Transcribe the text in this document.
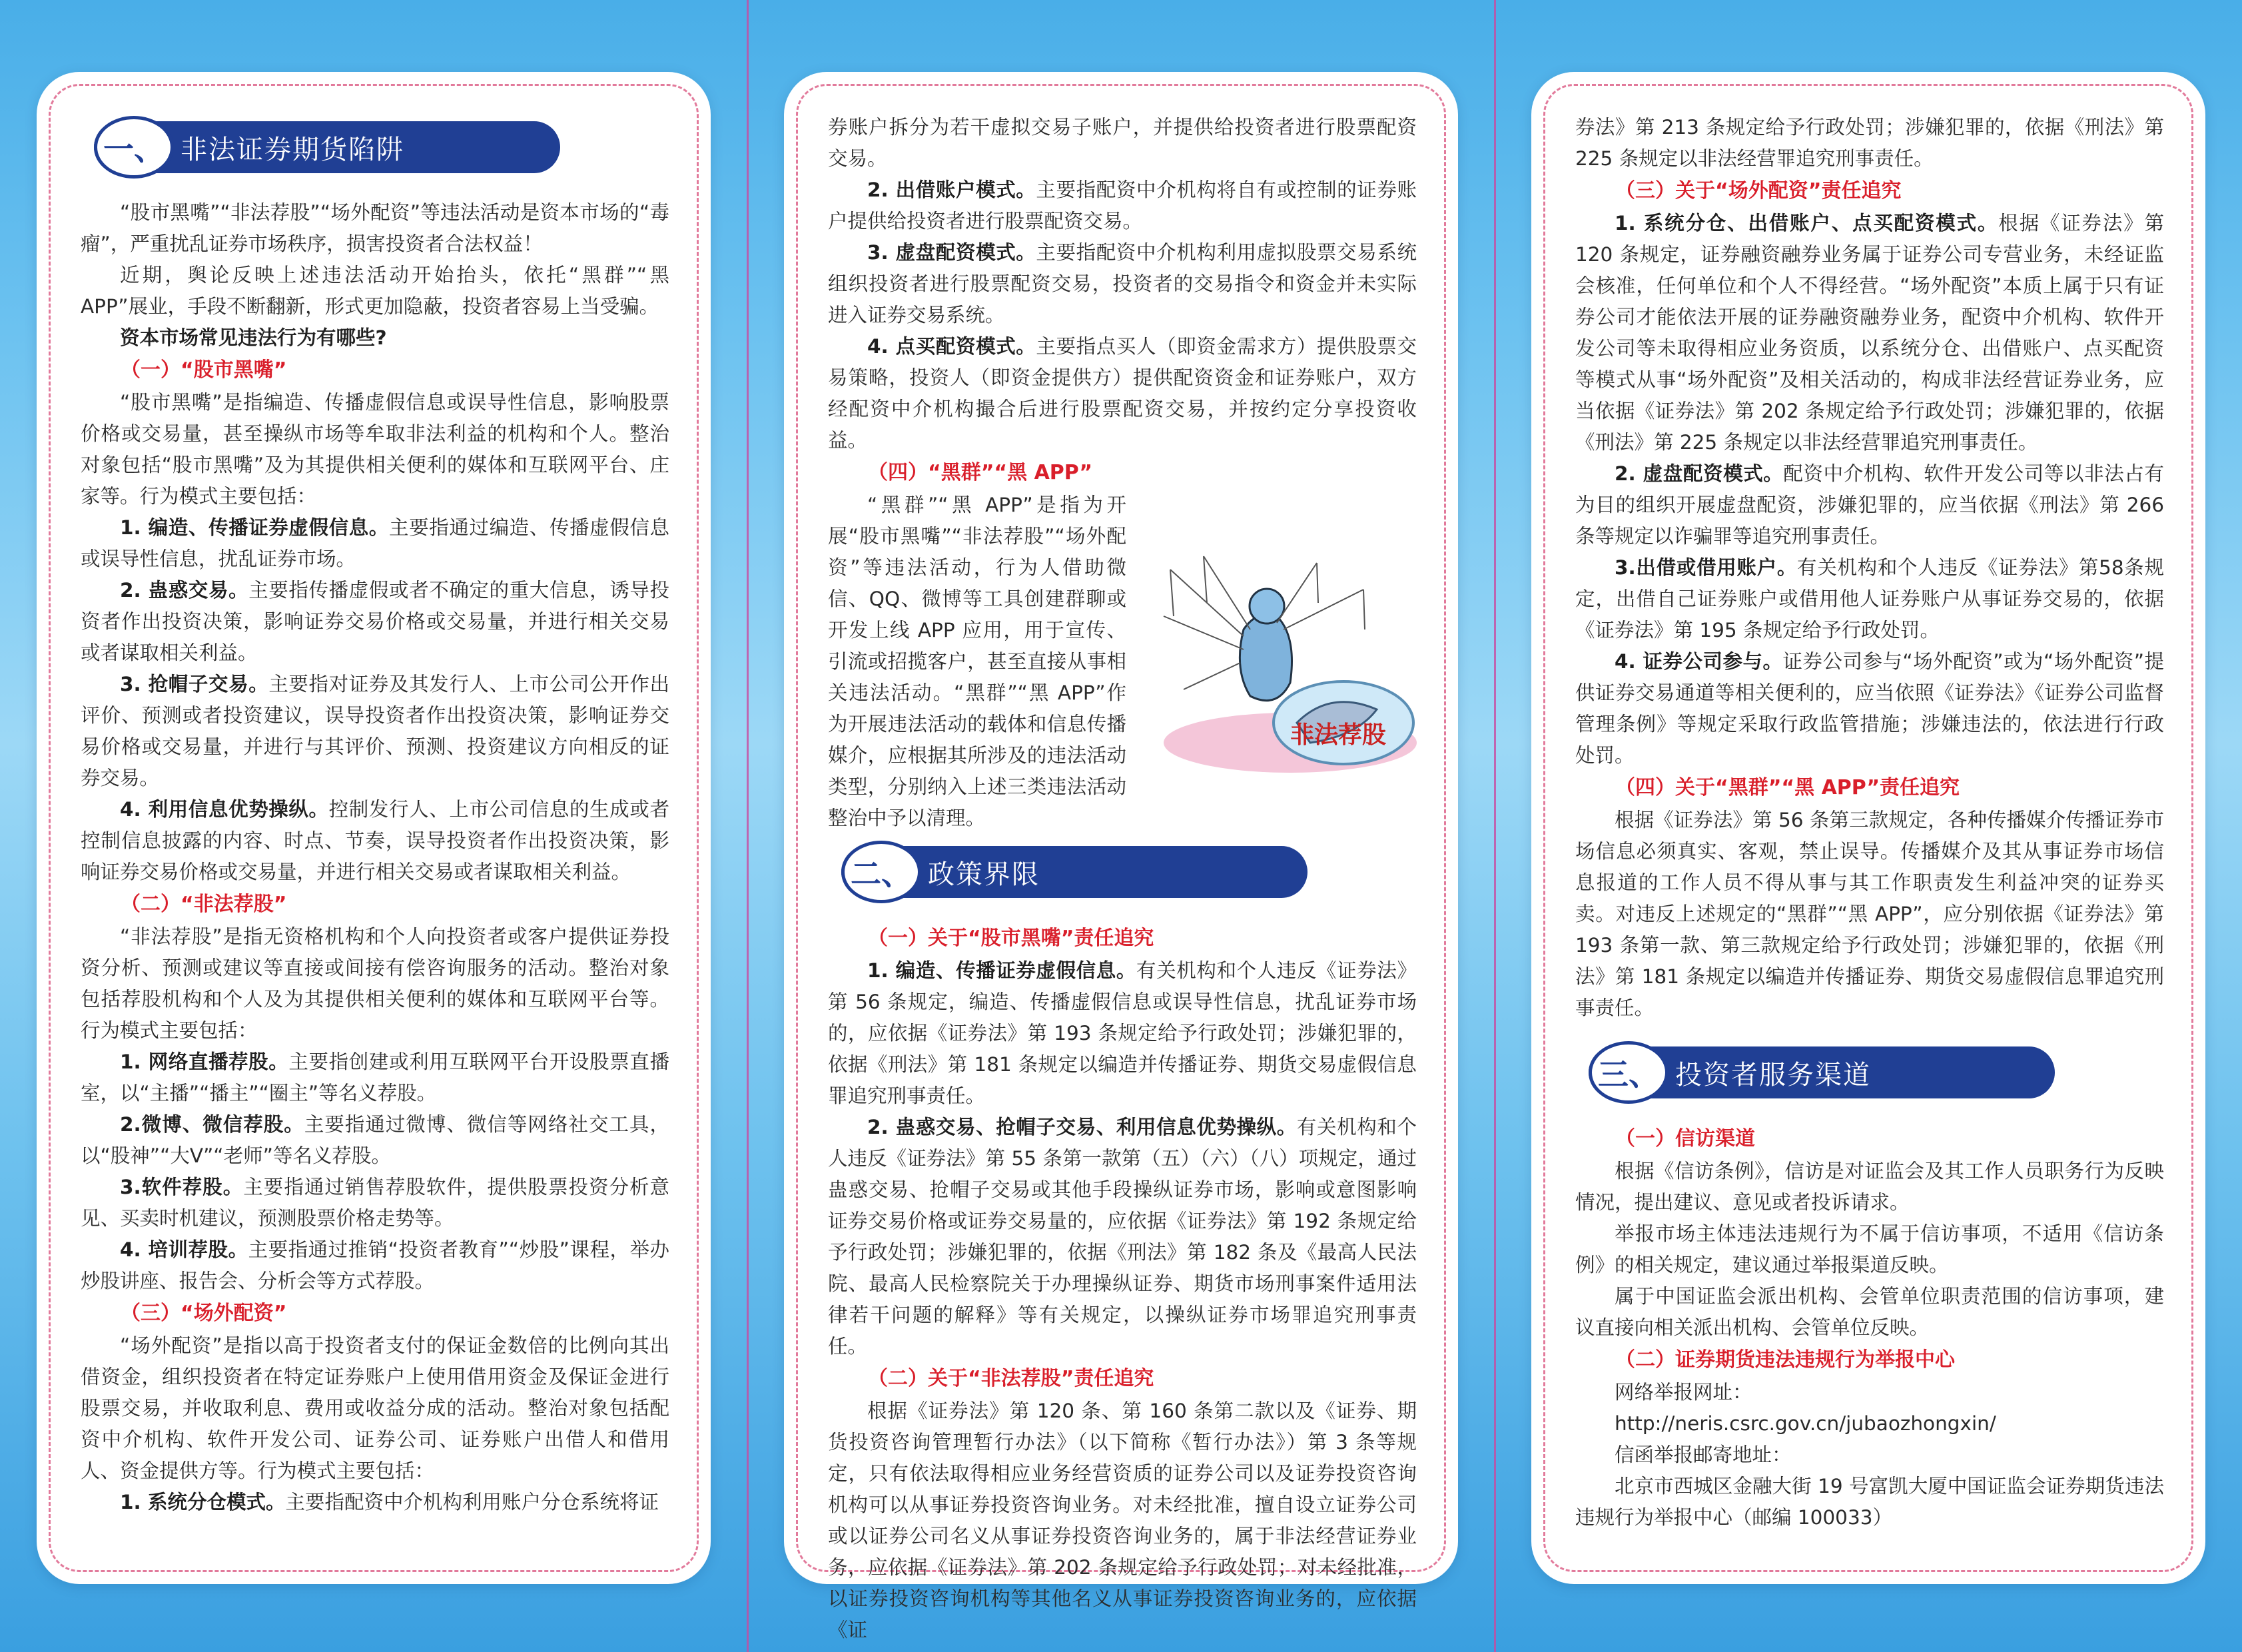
一、 非法证券期货陷阱
“股市黑嘴”“非法荐股”“场外配资”等违法活动是资本市场的“毒瘤”，严重扰乱证券市场秩序，损害投资者合法权益！
近期，舆论反映上述违法活动开始抬头，依托“黑群”“黑APP”展业，手段不断翻新，形式更加隐蔽，投资者容易上当受骗。
资本市场常见违法行为有哪些?
（一）“股市黑嘴”
“股市黑嘴”是指编造、传播虚假信息或误导性信息，影响股票价格或交易量，甚至操纵市场等牟取非法利益的机构和个人。整治对象包括“股市黑嘴”及为其提供相关便利的媒体和互联网平台、庄家等。行为模式主要包括：
1. 编造、传播证券虚假信息。主要指通过编造、传播虚假信息或误导性信息，扰乱证券市场。
2. 蛊惑交易。主要指传播虚假或者不确定的重大信息，诱导投资者作出投资决策，影响证券交易价格或交易量，并进行相关交易或者谋取相关利益。
3. 抢帽子交易。主要指对证券及其发行人、上市公司公开作出评价、预测或者投资建议，误导投资者作出投资决策，影响证券交易价格或交易量，并进行与其评价、预测、投资建议方向相反的证券交易。
4. 利用信息优势操纵。控制发行人、上市公司信息的生成或者控制信息披露的内容、时点、节奏，误导投资者作出投资决策，影响证券交易价格或交易量，并进行相关交易或者谋取相关利益。
（二）“非法荐股”
“非法荐股”是指无资格机构和个人向投资者或客户提供证券投资分析、预测或建议等直接或间接有偿咨询服务的活动。整治对象包括荐股机构和个人及为其提供相关便利的媒体和互联网平台等。行为模式主要包括：
1. 网络直播荐股。主要指创建或利用互联网平台开设股票直播室，以“主播”“播主”“圈主”等名义荐股。
2.微博、微信荐股。主要指通过微博、微信等网络社交工具，以“股神”“大V”“老师”等名义荐股。
3.软件荐股。主要指通过销售荐股软件，提供股票投资分析意见、买卖时机建议，预测股票价格走势等。
4. 培训荐股。主要指通过推销“投资者教育”“炒股”课程，举办炒股讲座、报告会、分析会等方式荐股。
（三）“场外配资”
“场外配资”是指以高于投资者支付的保证金数倍的比例向其出借资金，组织投资者在特定证券账户上使用借用资金及保证金进行股票交易，并收取利息、费用或收益分成的活动。整治对象包括配资中介机构、软件开发公司、证券公司、证券账户出借人和借用人、资金提供方等。行为模式主要包括：
1. 系统分仓模式。主要指配资中介机构利用账户分仓系统将证
券账户拆分为若干虚拟交易子账户，并提供给投资者进行股票配资交易。
2. 出借账户模式。主要指配资中介机构将自有或控制的证券账户提供给投资者进行股票配资交易。
3. 虚盘配资模式。主要指配资中介机构利用虚拟股票交易系统组织投资者进行股票配资交易，投资者的交易指令和资金并未实际进入证券交易系统。
4. 点买配资模式。主要指点买人（即资金需求方）提供股票交易策略，投资人（即资金提供方）提供配资资金和证券账户，双方经配资中介机构撮合后进行股票配资交易，并按约定分享投资收益。
（四）“黑群”“黑 APP”
非法荐股
“黑群”“黑 APP”是指为开展“股市黑嘴”“非法荐股”“场外配资”等违法活动，行为人借助微信、QQ、微博等工具创建群聊或开发上线 APP 应用，用于宣传、引流或招揽客户，甚至直接从事相关违法活动。“黑群”“黑 APP”作为开展违法活动的载体和信息传播媒介，应根据其所涉及的违法活动类型，分别纳入上述三类违法活动整治中予以清理。
二、 政策界限
（一）关于“股市黑嘴”责任追究
1. 编造、传播证券虚假信息。有关机构和个人违反《证券法》第 56 条规定，编造、传播虚假信息或误导性信息，扰乱证券市场的，应依据《证券法》第 193 条规定给予行政处罚；涉嫌犯罪的，依据《刑法》第 181 条规定以编造并传播证券、期货交易虚假信息罪追究刑事责任。
2. 蛊惑交易、抢帽子交易、利用信息优势操纵。有关机构和个人违反《证券法》第 55 条第一款第（五）（六）（八）项规定，通过蛊惑交易、抢帽子交易或其他手段操纵证券市场，影响或意图影响证券交易价格或证券交易量的，应依据《证券法》第 192 条规定给予行政处罚；涉嫌犯罪的，依据《刑法》第 182 条及《最高人民法院、最高人民检察院关于办理操纵证券、期货市场刑事案件适用法律若干问题的解释》等有关规定，以操纵证券市场罪追究刑事责任。
（二）关于“非法荐股”责任追究
根据《证券法》第 120 条、第 160 条第二款以及《证券、期货投资咨询管理暂行办法》（以下简称《暂行办法》）第 3 条等规定，只有依法取得相应业务经营资质的证券公司以及证券投资咨询机构可以从事证券投资咨询业务。对未经批准，擅自设立证券公司或以证券公司名义从事证券投资咨询业务的，属于非法经营证券业务，应依据《证券法》第 202 条规定给予行政处罚；对未经批准，以证券投资咨询机构等其他名义从事证券投资咨询业务的，应依据《证
券法》第 213 条规定给予行政处罚；涉嫌犯罪的，依据《刑法》第 225 条规定以非法经营罪追究刑事责任。
（三）关于“场外配资”责任追究
1. 系统分仓、出借账户、点买配资模式。根据《证券法》第 120 条规定，证券融资融券业务属于证券公司专营业务，未经证监会核准，任何单位和个人不得经营。“场外配资”本质上属于只有证券公司才能依法开展的证券融资融券业务，配资中介机构、软件开发公司等未取得相应业务资质，以系统分仓、出借账户、点买配资等模式从事“场外配资”及相关活动的，构成非法经营证券业务，应当依据《证券法》第 202 条规定给予行政处罚；涉嫌犯罪的，依据《刑法》第 225 条规定以非法经营罪追究刑事责任。
2. 虚盘配资模式。配资中介机构、软件开发公司等以非法占有为目的组织开展虚盘配资，涉嫌犯罪的，应当依据《刑法》第 266 条等规定以诈骗罪等追究刑事责任。
3.出借或借用账户。有关机构和个人违反《证券法》第58条规定，出借自己证券账户或借用他人证券账户从事证券交易的，依据《证券法》第 195 条规定给予行政处罚。
4. 证券公司参与。证券公司参与“场外配资”或为“场外配资”提供证券交易通道等相关便利的，应当依照《证券法》《证券公司监督管理条例》等规定采取行政监管措施；涉嫌违法的，依法进行行政处罚。
（四）关于“黑群”“黑 APP”责任追究
根据《证券法》第 56 条第三款规定，各种传播媒介传播证券市场信息必须真实、客观，禁止误导。传播媒介及其从事证券市场信息报道的工作人员不得从事与其工作职责发生利益冲突的证券买卖。对违反上述规定的“黑群”“黑 APP”，应分别依据《证券法》第 193 条第一款、第三款规定给予行政处罚；涉嫌犯罪的，依据《刑法》第 181 条规定以编造并传播证券、期货交易虚假信息罪追究刑事责任。
三、 投资者服务渠道
（一）信访渠道
根据《信访条例》，信访是对证监会及其工作人员职务行为反映情况，提出建议、意见或者投诉请求。
举报市场主体违法违规行为不属于信访事项，不适用《信访条例》的相关规定，建议通过举报渠道反映。
属于中国证监会派出机构、会管单位职责范围的信访事项，建议直接向相关派出机构、会管单位反映。
（二）证券期货违法违规行为举报中心
网络举报网址：
http://neris.csrc.gov.cn/jubaozhongxin/
信函举报邮寄地址：
北京市西城区金融大街 19 号富凯大厦中国证监会证券期货违法违规行为举报中心（邮编 100033）
